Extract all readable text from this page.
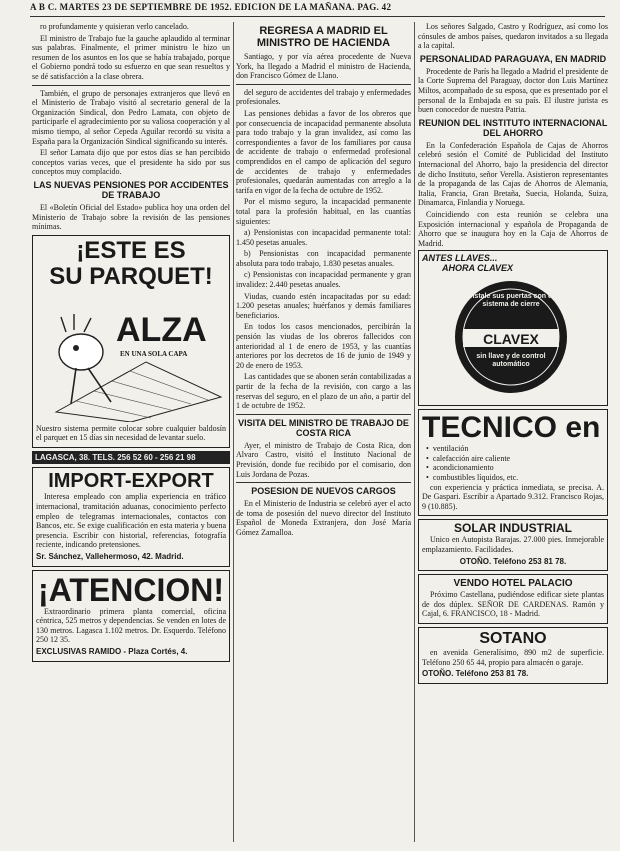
A B C. MARTES 23 DE SEPTIEMBRE DE 1952. EDICION DE LA MAÑANA. PAG. 42

ro profundamente y quisieran verlo cancelado.

El ministro de Trabajo fue la gauche aplaudido al terminar sus palabras. Finalmente, el primer ministro le hizo un resumen de los asuntos en los que se había trabajado, porque el Gobierno pondrá todo su esfuerzo en que sean resueltos y se dé satisfacción a la clase obrera.

También, el grupo de personajes extranjeros que llevó en el Ministerio de Trabajo visitó al secretario general de la Organización Sindical, don Pedro Lamata, con objeto de participarle el agradecimiento por su valiosa cooperación y al mismo tiempo, al señor Cepeda Aguilar recordó su visita a España para la Organización Sindical significando su interés.

El señor Lamata dijo que por estos días se han percibido conceptos varias veces, que el presidente ha sido por sus conceptos muy complacido.

LAS NUEVAS PENSIONES POR ACCIDENTES DE TRABAJO

El «Boletín Oficial del Estado» publica hoy una orden del Ministerio de Trabajo sobre la revisión de las pensiones mínimas.

¡ESTE ES
SU PARQUET!
ALZA
EN UNA SOLA CAPA

Nuestro sistema permite colocar sobre cualquier baldosín el parquet en 15 días sin necesidad de levantar suelo.

LAGASCA, 38. TELS. 256 52 60 - 256 21 98
IMPORT-EXPORT

Interesa empleado con amplia experiencia en tráfico internacional, tramitación aduanas, conocimiento perfecto empleo de telegramas internacionales, contactos con Bancos, etc. Se exige cualificación en esta materia y buena presencia. Escribir con historial, referencias, fotografía reciente, indicando pretensiones.

Sr. Sánchez, Vallehermoso, 42. Madrid.

¡ATENCION!

Extraordinario primera planta comercial, oficina céntrica, 525 metros y dependencias. Se venden en lotes de 130 metros. Lagasca 1.102 metros. Dr. Esquerdo. Teléfono 250 12 35.

EXCLUSIVAS RAMIDO - Plaza Cortés, 4.

REGRESA A MADRID EL MINISTRO DE HACIENDA

Santiago, y por vía aérea procedente de Nueva York, ha llegado a Madrid el ministro de Hacienda, don Francisco Gómez de Llano.

del seguro de accidentes del trabajo y enfermedades profesionales.

Las pensiones debidas a favor de los obreros que por consecuencia de incapacidad permanente absoluta para todo trabajo y la gran invalidez, así como las correspondientes a favor de los familiares por causa de accidente de trabajo o enfermedad profesional comprendidos en el campo de aplicación del seguro de accidentes de trabajo y enfermedades profesionales, quedarán aumentadas con arreglo a la tarifa en vigor de la fecha de octubre de 1952.

Por el mismo seguro, la incapacidad permanente total para la profesión habitual, en las cuantías siguientes:

a) Pensionistas con incapacidad permanente total: 1.450 pesetas anuales.

b) Pensionistas con incapacidad permanente absoluta para todo trabajo, 1.830 pesetas anuales.

c) Pensionistas con incapacidad permanente y gran invalidez: 2.440 pesetas anuales.

Viudas, cuando estén incapacitadas por su edad: 1.200 pesetas anuales; huérfanos y demás familiares beneficiarios.

En todos los casos mencionados, percibirán la pensión las viudas de los obreros fallecidos con anterioridad al 1 de enero de 1953, y las cuantías anteriores por los decretos de 16 de junio de 1949 y 20 de enero de 1953.

Las cantidades que se abonen serán contabilizadas a partir de la fecha de la revisión, con cargo a las reservas del seguro, en el plazo de un año, a partir del 1 de octubre de 1952.

VISITA DEL MINISTRO DE TRABAJO DE COSTA RICA

Ayer, el ministro de Trabajo de Costa Rica, don Alvaro Castro, visitó el Instituto Nacional de Previsión, donde fue recibido por el comisario, don Luis Jordana de Pozas.

POSESION DE NUEVOS CARGOS

En el Ministerio de Industria se celebró ayer el acto de toma de posesión del nuevo director del Instituto Español de Moneda Extranjera, don José María Gómez Zamalloa.

Los señores Salgado, Castro y Rodríguez, así como los cónsules de ambos países, quedaron invitados a su llegada a la capital.

PERSONALIDAD PARAGUAYA, EN MADRID

Procedente de París ha llegado a Madrid el presidente de la Corte Suprema del Paraguay, doctor don Luis Martínez Miltos, acompañado de su esposa, que es presentado por el personal de la Embajada en su país. El ilustre jurista es buen conocedor de nuestra Patria.

REUNION DEL INSTITUTO INTERNACIONAL DEL AHORRO

En la Confederación Española de Cajas de Ahorros celebró sesión el Comité de Publicidad del Instituto Internacional del Ahorro, bajo la presidencia del director de dicho Instituto, señor Verella. Asistieron representantes de la propaganda de las Cajas de Ahorros de Alemania, Italia, Francia, Gran Bretaña, Suecia, Holanda, Suiza, Dinamarca, Finlandia y Noruega.

Coincidiendo con esta reunión se celebra una Exposición internacional y española de Propaganda de Ahorro que se inaugura hoy en la Caja de Ahorros de Madrid.

ANTES LLAVES...
AHORA CLAVEX
instale sus puertas con el sistema de cierre
CLAVEX
sin llave y de control automático
TECNICO en
• ventilación
• calefacción aire caliente
• acondicionamiento
• combustibles líquidos, etc.

con experiencia y práctica inmediata, se precisa. A. De Gaspari. Escribir a Apartado 9.312. Francisco Rojas, 9 (10.885).

SOLAR INDUSTRIAL

Unico en Autopista Barajas. 27.000 pies. Inmejorable emplazamiento. Facilidades.

OTOÑO. Teléfono 253 81 78.

VENDO HOTEL PALACIO

Próximo Castellana, pudiéndose edificar siete plantas de dos dúplex. SEÑOR DE CARDENAS. Ramón y Cajal, 6. FRANCISCO, 18 - Madrid.

SOTANO

en avenida Generalísimo, 890 m2 de superficie. Teléfono 250 65 44, propio para almacén o garaje.

OTOÑO. Teléfono 253 81 78.
